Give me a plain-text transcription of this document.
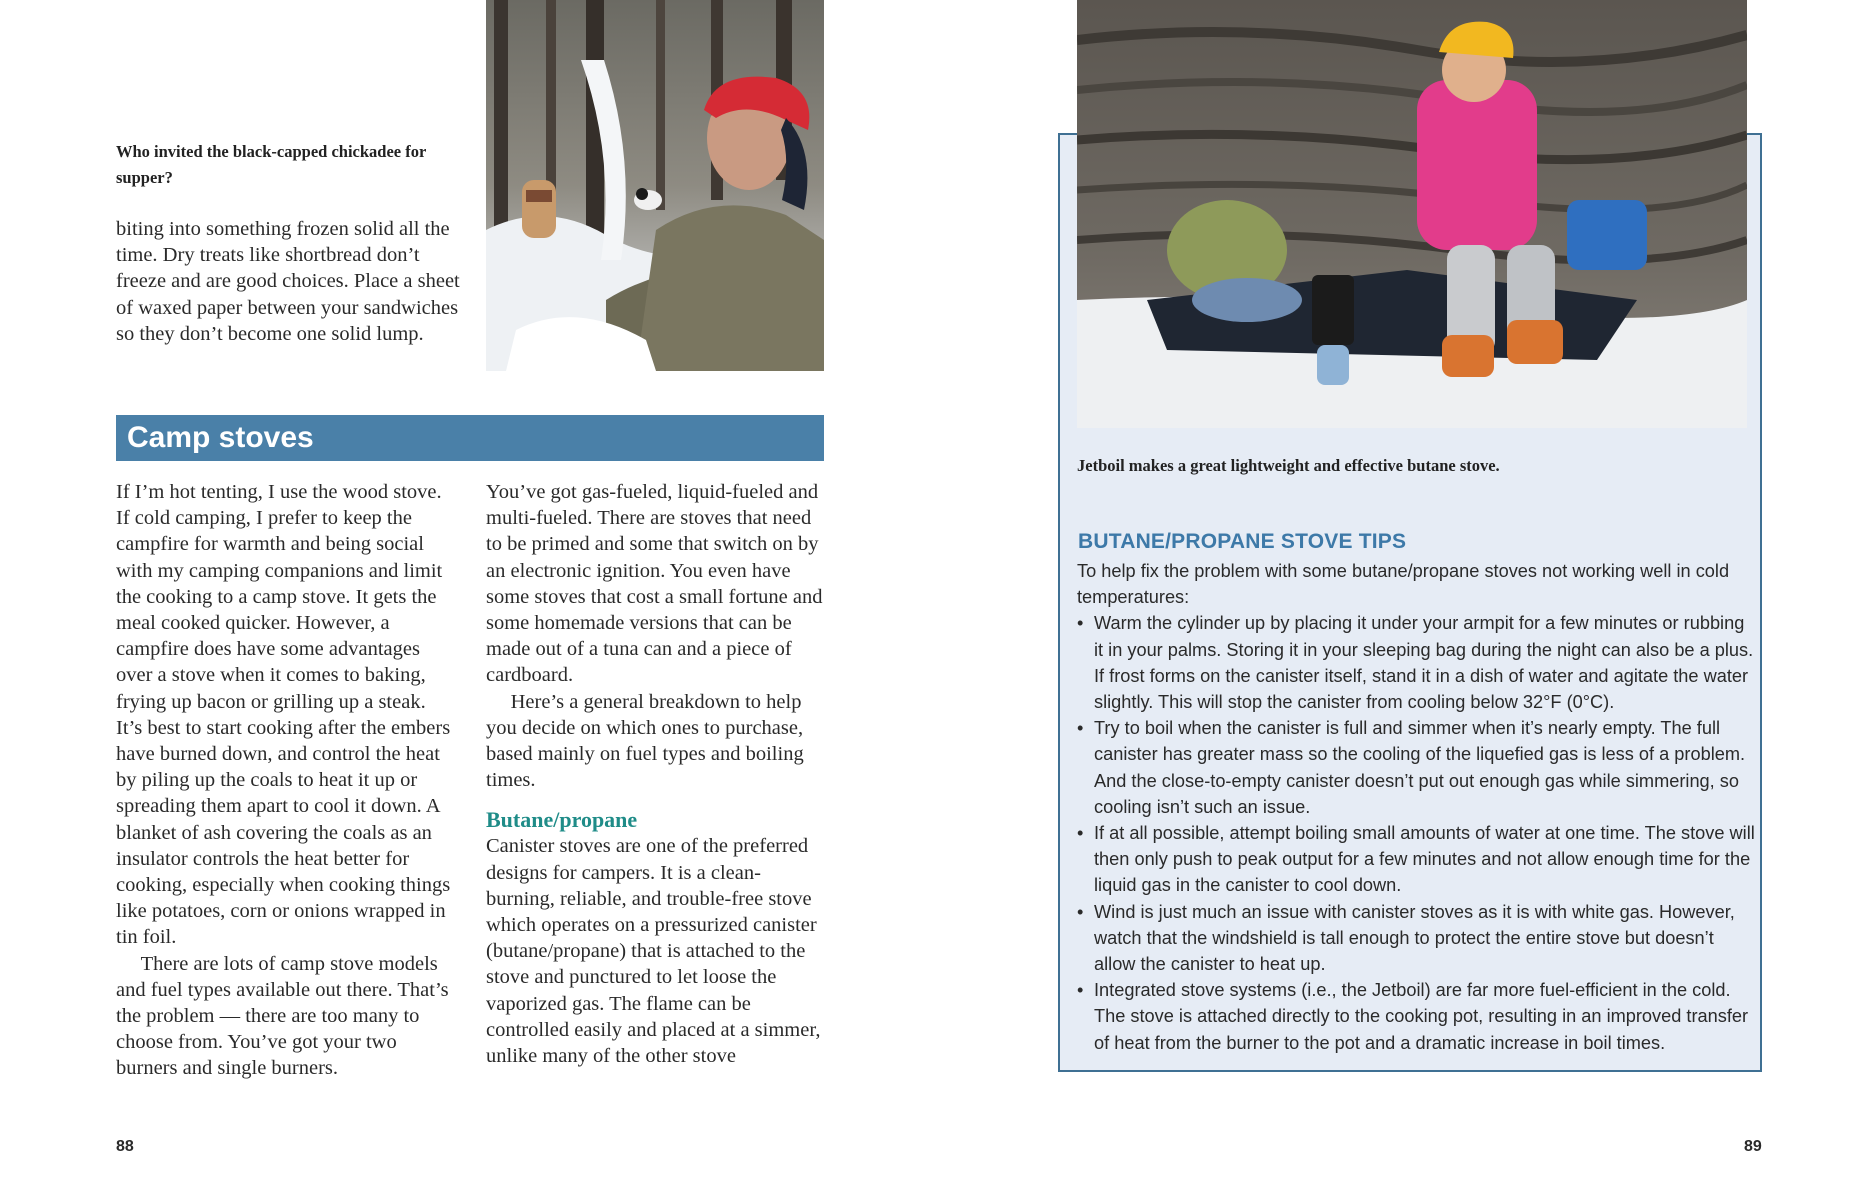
Who invited the black-capped chickadee for supper?
biting into something frozen solid all the time. Dry treats like shortbread don’t freeze and are good choices. Place a sheet of waxed paper between your sandwiches so they don’t become one solid lump.
Camp stoves

If I’m hot tenting, I use the wood stove. If cold camping, I prefer to keep the campfire for warmth and being social with my camping companions and limit the cooking to a camp stove. It gets the meal cooked quicker. However, a campfire does have some advantages over a stove when it comes to baking, frying up bacon or grilling up a steak. It’s best to start cooking after the embers have burned down, and control the heat by piling up the coals to heat it up or spreading them apart to cool it down. A blanket of ash covering the coals as an insulator controls the heat better for cooking, especially when cooking things like potatoes, corn or onions wrapped in tin foil.

There are lots of camp stove models and fuel types available out there. That’s the problem — there are too many to choose from. You’ve got your two burners and single burners.

You’ve got gas-fueled, liquid-fueled and multi-fueled. There are stoves that need to be primed and some that switch on by an electronic ignition. You even have some stoves that cost a small fortune and some homemade versions that can be made out of a tuna can and a piece of cardboard.

Here’s a general breakdown to help you decide on which ones to purchase, based mainly on fuel types and boiling times.

Butane/propane

Canister stoves are one of the preferred designs for campers. It is a clean-burning, reliable, and trouble-free stove which operates on a pressurized canister (butane/propane) that is attached to the stove and punctured to let loose the vaporized gas. The flame can be controlled easily and placed at a simmer, unlike many of the other stove

88
Jetboil makes a great lightweight and effective butane stove.
BUTANE/PROPANE STOVE TIPS
To help fix the problem with some butane/propane stoves not working well in cold temperatures:
• Warm the cylinder up by placing it under your armpit for a few minutes or rubbing it in your palms. Storing it in your sleeping bag during the night can also be a plus. If frost forms on the canister itself, stand it in a dish of water and agitate the water slightly. This will stop the canister from cooling below 32°F (0°C).
• Try to boil when the canister is full and simmer when it’s nearly empty. The full canister has greater mass so the cooling of the liquefied gas is less of a problem. And the close-to-empty canister doesn’t put out enough gas while simmering, so cooling isn’t such an issue.
• If at all possible, attempt boiling small amounts of water at one time. The stove will then only push to peak output for a few minutes and not allow enough time for the liquid gas in the canister to cool down.
• Wind is just much an issue with canister stoves as it is with white gas. However, watch that the windshield is tall enough to protect the entire stove but doesn’t allow the canister to heat up.
• Integrated stove systems (i.e., the Jetboil) are far more fuel-efficient in the cold. The stove is attached directly to the cooking pot, resulting in an improved transfer of heat from the burner to the pot and a dramatic increase in boil times.
89
